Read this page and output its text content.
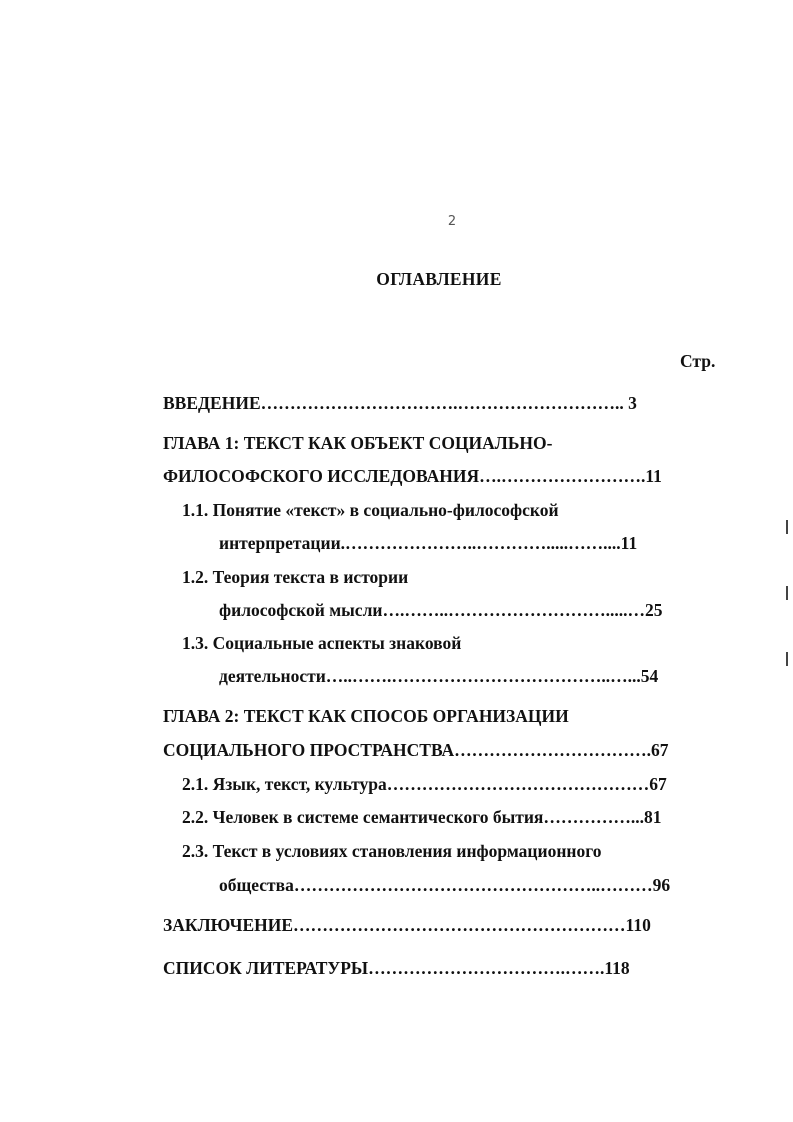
2
ОГЛАВЛЕНИЕ
Стр.
ВВЕДЕНИЕ…………………………….……………………….. 3
ГЛАВА 1: ТЕКСТ КАК ОБЪЕКТ СОЦИАЛЬНО-
ФИЛОСОФСКОГО ИССЛЕДОВАНИЯ….…………………….11
1.1. Понятие «текст» в социально-философской
интерпретации.…………………..………….....……....11
1.2. Теория текста в истории
философской мысли….……..……………………….....…25
1.3. Социальные аспекты знаковой
деятельности…..…….………………………………..…...54
ГЛАВА 2: ТЕКСТ КАК СПОСОБ ОРГАНИЗАЦИИ
СОЦИАЛЬНОГО ПРОСТРАНСТВА…………………………….67
2.1. Язык, текст, культура………………………………………67
2.2. Человек в системе семантического бытия……………...81
2.3. Текст в условиях становления информационного
общества……………………………………………..………96
ЗАКЛЮЧЕНИЕ…………………………………………………110
СПИСОК ЛИТЕРАТУРЫ…………………………….…….118
